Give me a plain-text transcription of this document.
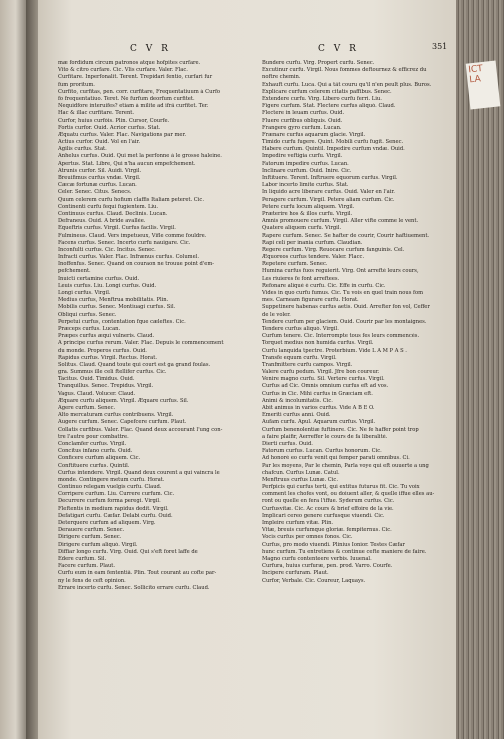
ICT
LA
C V R	C V R	351
mæ fordidum circum patronos atque hofpites curfare.
Vito & citro curfare. Cic. Vlis curfare. Valer. Flac.
Curfitare. Inperfonalit. Terent. Trepidari fentio, curfari fur
fum proritum.
Curfito, curfitas, pen. corr. curfitare, Frequentatiuum à Curfo
fo frequentatiuo. Teret. Ne furfum deorfum curfitet.
Nequidfore interuifes? etiam à milite ad ifrâ curfitet. Ter.
Hac & illac curfitare. Terent.
Curfor, huius curfòis. Plin. Cursor, Courfe.
Fortis curfor. Ouid. Acrior curfus. Stat.
Æquatu curfus. Valer. Flac. Navigations par mer.
Actius curfor. Ouid. Vol en l'air.
Agilis curfus. Stat.
Anhelus curfus. Ouid. Qui met la perfonne à le grosse haleine.
Apertus. Stat. Libre, Qui n'ha aucun empefchement.
Atrunis curfor. Sil. Auidi. Virgil.
Breuifimus curfus vndæ. Virgil.
Cæcæ fortunæ curfus. Lucan.
Celer. Senec. Citus. Senecs.
Quum celerem curfu hofium claffis Italiam peteret. Cic.
Continenti curfu fequi fugientem. Liu.
Continuus curfus. Claud. Declinis. Lucan.
Defraneus. Ouid. A bride avallée.
Equeftris curfus. Virgil. Curfus facilis. Virgil.
Fulmineus. Claud. Vers impetueux, Vifle comme fouldre.
Facens curfus. Senec. Incerto curfu nauigare. Cic.
Inconfulti curfus. Cic. Incitus. Senec.
Infracti curfus. Valer. Flac. Infrænus curfus. Columel.
Inoffenfus. Senec. Quand on couraon ne trouue point d'em-
pefchement.
Inuicti certamine curfus. Ouid.
Leuis curfus. Liu. Longi curfus. Ouid.
Longi curfus. Virgil.
Medius curfus, Menftrua mobilitatis. Plin.
Mobilis curfus. Senec. Montiuagi curfus. Sil.
Obliqui curfus. Senec.
Perpetui curfus, contentation fque cæleftes. Cic.
Præceps curfus. Lucan.
Præpes curfus æqui vulneris. Claud.
A principe curfus rerum. Valer. Flac. Depuis le commencement
du monde. Properos curfus. Ouid.
Rapidus curfus. Virgil. Rectus. Horat.
Solitus. Claud. Quand toute qui court est ga grand foulas.
gra. Summus ille celi ftellifer curfus. Cic.
Tacitus. Ouid. Timidus. Ouid.
Tranquillus. Senec. Trepidus. Virgil.
Vagus. Claud. Volucer. Claud.
Æquare curfu aliquem. Virgil. Æquare curfus. Sil.
Agere curfum. Senec.
Alto mercaturam curfus contribuens. Virgil.
Augere curfum. Senec. Capefcere curfum. Plaut.
Collatis curfibus. Valer. Flac. Quand deux accourant l'ung con-
tre l'autre pour combattre.
Conclamfer curfus. Virgil.
Concitus infano curfu. Ouid.
Conficere curfum aliquem. Cic.
Conftituere curfus. Quintil.
Curfus intendere. Virgil. Quand deux courent a qui vaincra le
monde. Contingere metum curfu. Horat.
Continuo relegam vuelgis curfu. Claud.
Corripere curfum. Liu. Currere curfum. Cic.
Decurrere curfum forma peregi. Virgil.
Fleftentis in medium rapidus dedit. Virgil.
Defatigari curfu. Cæfar. Delabi curfu. Ouid.
Deterquere curfum ad aliquem. Virg.
Derauere curfum. Senec.
Dirigere curfum. Senec.
Dirigere curfum aliquò. Virgil.
Diffiar longo curfu. Virg. Ouid. Qui s'eft foret laffe de
Edere curfum. Sil.
Facere curfum. Plaut.
Curfu eum in eam fententiâ. Plin. Tout courant au cofte par-
ny le fens de ceft opinion.
Errare incerto curfu. Senec. Sollicito errare curfu. Claud.
Bundere curfu. Virg. Propert curfu. Senec.
Excutinur curfu. Virgil. Nous fommes deftournez & efficrez du
noftre chemin.
Exhauft curfu. Luca. Qui a tât couru qu'il n'en peult plus. Buros.
Explicare curfum celerem citatis paffibus. Senec.
Extendere curfu. Virg. Libero curfu ferri. Liu.
Figere curfum. Stat. Flectere curfus aliquò. Claud.
Flectere in leuam curfus. Ouid.
Fluere curfibus obliquis. Ouid.
Frangere gyro curfum. Lucan.
Frænare curfus aquarum glacie. Virgil.
Timido curfu fugere. Quint. Mobili curfu fugit. Senec.
Habere curfum. Quintil. Impedire curfum vndæ. Ouid.
Impedire veftigia curfu. Virgil.
Fatorum impedire curfus. Lucan.
Inclinare curfum. Ouid. Inire. Cic.
Inftituere. Terent. Inftruere equorum curfus. Virgil.
Labor incerto limite curfus. Stat.
In liquido acre liberare curfus. Ouid. Valer en l'air.
Peragere curfum. Virgil. Petere aliam curfum. Cic.
Petere curfu locum aliquem. Virgil.
Præterire hos & illos curfu. Virgil.
Amnis promouere curfum. Virgil. Aller vifte comme le vent.
Quatere aliquem curfu. Virgil.
Rapere curfum. Senec. Se hafter de courir, Courir haftiuement.
Rapi celi per inania curfum. Claudian.
Regere curfum. Virg. Reuocare curfum fanguinis. Cel.
Æquoreos curfus tendere. Valer. Flacc.
Repetere curfum. Senec.
Humina curfus fuos reguierit. Virg. Ont arrefté leurs cours,
Les riuieres fe font arreftees.
Refonare aliquè è curfu. Cic. Effe in curfu. Cic.
Vides in quo curfu fumus. Cic. Tu vois en quel train nous fom
mes. Carneam figurare curfu. Horat.
Suppetinere habenas curfus aetis. Ouid. Arrefter fon vol, Ceffer
de le voler.
Tendere curfum per glaciem. Ouid. Courir par les montaignes.
Tendere curfus aliquò. Virgil.
Curfum tenere. Cic. Interrompte tous fes leurs commencés.
Torquet medius non humida curfus. Virgil.
Curfu lanquida tpectre. Proterbium. Vide L A M P A S .
Transfe equum curfu. Virgil.
Tranfmittere curfu campos. Virgil.
Valere curfu pedum. Virgil. Jfre bon coureur.
Venire magno curfu. Sil. Vertere curfus. Virgil.
Curfus ad Cic. Omnis omnium curfus eft ad vos.
Curfus in Cic. Mihi curfus in Græciam eft.
Animi & incolumitatis. Cic.
Abit animus in varios curfus. Vide A B E O.
Emeriti curfus anni. Ouid.
Aufam curfu. Apul. Aquarum curfus. Virgil.
Curfum benenolentiæ fuftinere. Cic. Ne fe haffer point trop
a faire plaifir, Aerreffer le cours de fa liberalité.
Dierti curfus. Ouid.
Fatorum curfus. Lucan. Curfus honorum. Cic.
Ad honorè eo curfu venit quì femper parati omnibus. Ci.
Par les moyens, Par le chemin, Parla voye qui eft ouuerte a ung
chafcun. Curfus Lunæ. Catul.
Menftruus curfus Lunæ. Cic.
Perfpicis qui curfus terti, qui extitus futurus fit. Cic. Tu voix
comment les chofes vont, ou doiuent aller, & quelle iffue elles au-
ront ou quelle en fera l'iffue. Syderum curfus. Cic.
Curfusvitæ. Cic. Ac cours & brief effoire de la vie.
Implicari cereo genere curfusque viuendi. Cic.
Impleire curfum vitæ. Plin.
Vitæ, breuis curfumque gloriæ. fempiternus. Cic.
Vocis curfus per omnes fonos. Cic.
Curfus, pro modo viuendi. Plinius Ionior. Testes Cæfar
hunc curfum. Tu entretiens & continue cefte maniere de faire.
Magno curfu contenteere verbis. Iuuenal.
Curfura, huius curfuræ, pen. prod. Varro. Courfe.
Incipere curfuram. Plaut.
Curfor, Verbale. Cic. Coureur, Laquays.
